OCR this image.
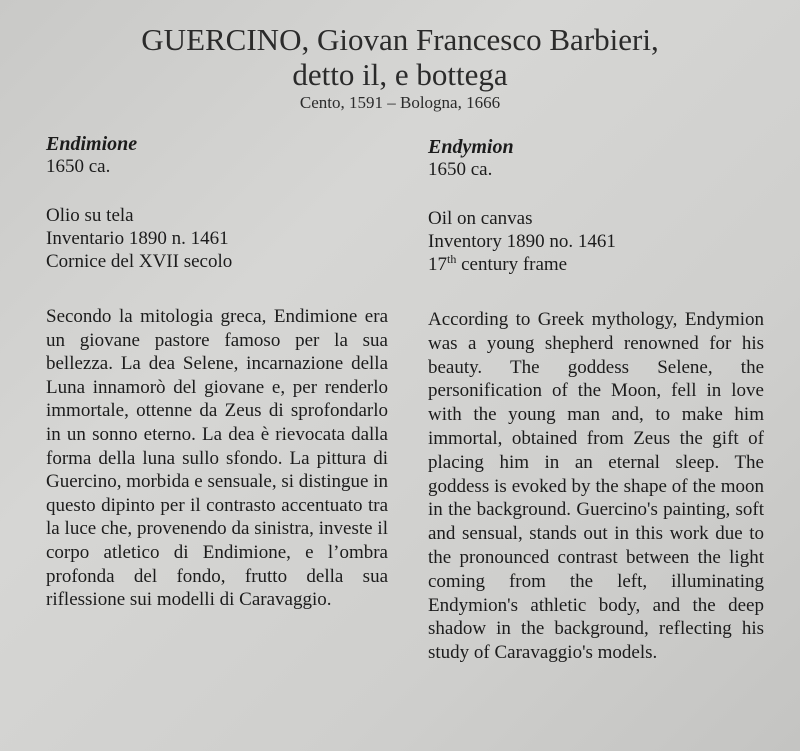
GUERCINO, Giovan Francesco Barbieri,
detto il, e bottega
Cento, 1591 – Bologna, 1666
Endimione
1650 ca.
Olio su tela
Inventario 1890 n. 1461
Cornice del XVII secolo

Secondo la mitologia greca, Endimione era un giovane pastore famoso per la sua bellezza. La dea Selene, incarnazione della Luna innamorò del giovane e, per renderlo immortale, ottenne da Zeus di sprofondarlo in un sonno eterno. La dea è rievocata dalla forma della luna sullo sfondo. La pittura di Guercino, morbida e sensuale, si distingue in questo dipinto per il contrasto accentuato tra la luce che, provenendo da sinistra, investe il corpo atletico di Endimione, e l’ombra profonda del fondo, frutto della sua riflessione sui modelli di Caravaggio.

Endymion
1650 ca.
Oil on canvas
Inventory 1890 no. 1461
17th century frame

According to Greek mythology, Endymion was a young shepherd renowned for his beauty. The goddess Selene, the personification of the Moon, fell in love with the young man and, to make him immortal, obtained from Zeus the gift of placing him in an eternal sleep. The goddess is evoked by the shape of the moon in the background. Guercino's painting, soft and sensual, stands out in this work due to the pronounced contrast between the light coming from the left, illuminating Endymion's athletic body, and the deep shadow in the background, reflecting his study of Caravaggio's models.
